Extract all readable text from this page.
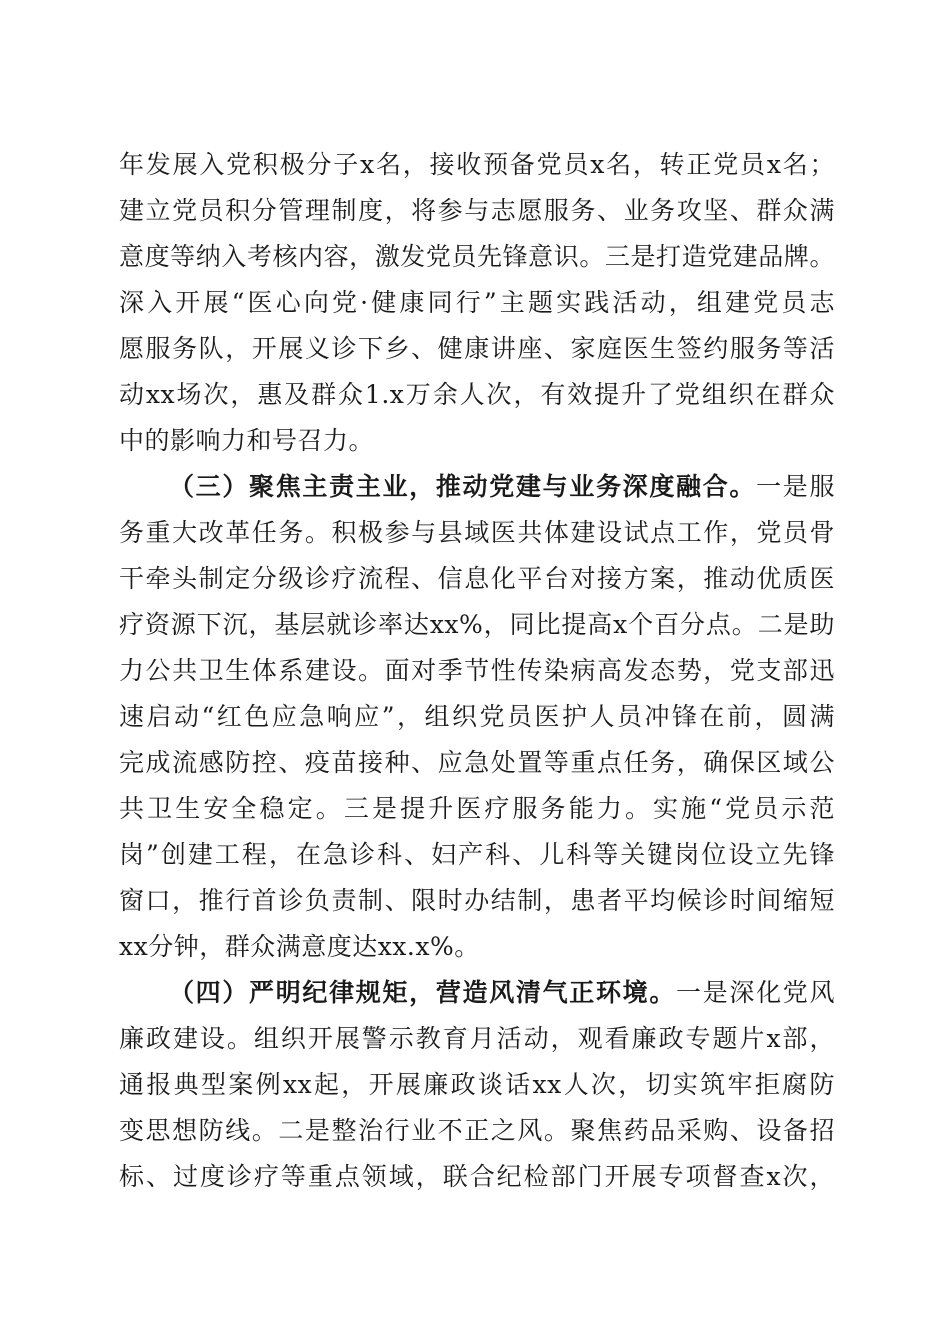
年发展入党积极分子x名，接收预备党员x名，转正党员x名；
建立党员积分管理制度，将参与志愿服务、业务攻坚、群众满
意度等纳入考核内容，激发党员先锋意识。三是打造党建品牌。
深入开展“医心向党·健康同行”主题实践活动，组建党员志
愿服务队，开展义诊下乡、健康讲座、家庭医生签约服务等活
动xx场次，惠及群众1.x万余人次，有效提升了党组织在群众
中的影响力和号召力。
（三）聚焦主责主业，推动党建与业务深度融合。一是服
务重大改革任务。积极参与县域医共体建设试点工作，党员骨
干牵头制定分级诊疗流程、信息化平台对接方案，推动优质医
疗资源下沉，基层就诊率达xx%，同比提高x个百分点。二是助
力公共卫生体系建设。面对季节性传染病高发态势，党支部迅
速启动“红色应急响应”，组织党员医护人员冲锋在前，圆满
完成流感防控、疫苗接种、应急处置等重点任务，确保区域公
共卫生安全稳定。三是提升医疗服务能力。实施“党员示范
岗”创建工程，在急诊科、妇产科、儿科等关键岗位设立先锋
窗口，推行首诊负责制、限时办结制，患者平均候诊时间缩短
xx分钟，群众满意度达xx.x%。
（四）严明纪律规矩，营造风清气正环境。一是深化党风
廉政建设。组织开展警示教育月活动，观看廉政专题片x部，
通报典型案例xx起，开展廉政谈话xx人次，切实筑牢拒腐防
变思想防线。二是整治行业不正之风。聚焦药品采购、设备招
标、过度诊疗等重点领域，联合纪检部门开展专项督查x次，
